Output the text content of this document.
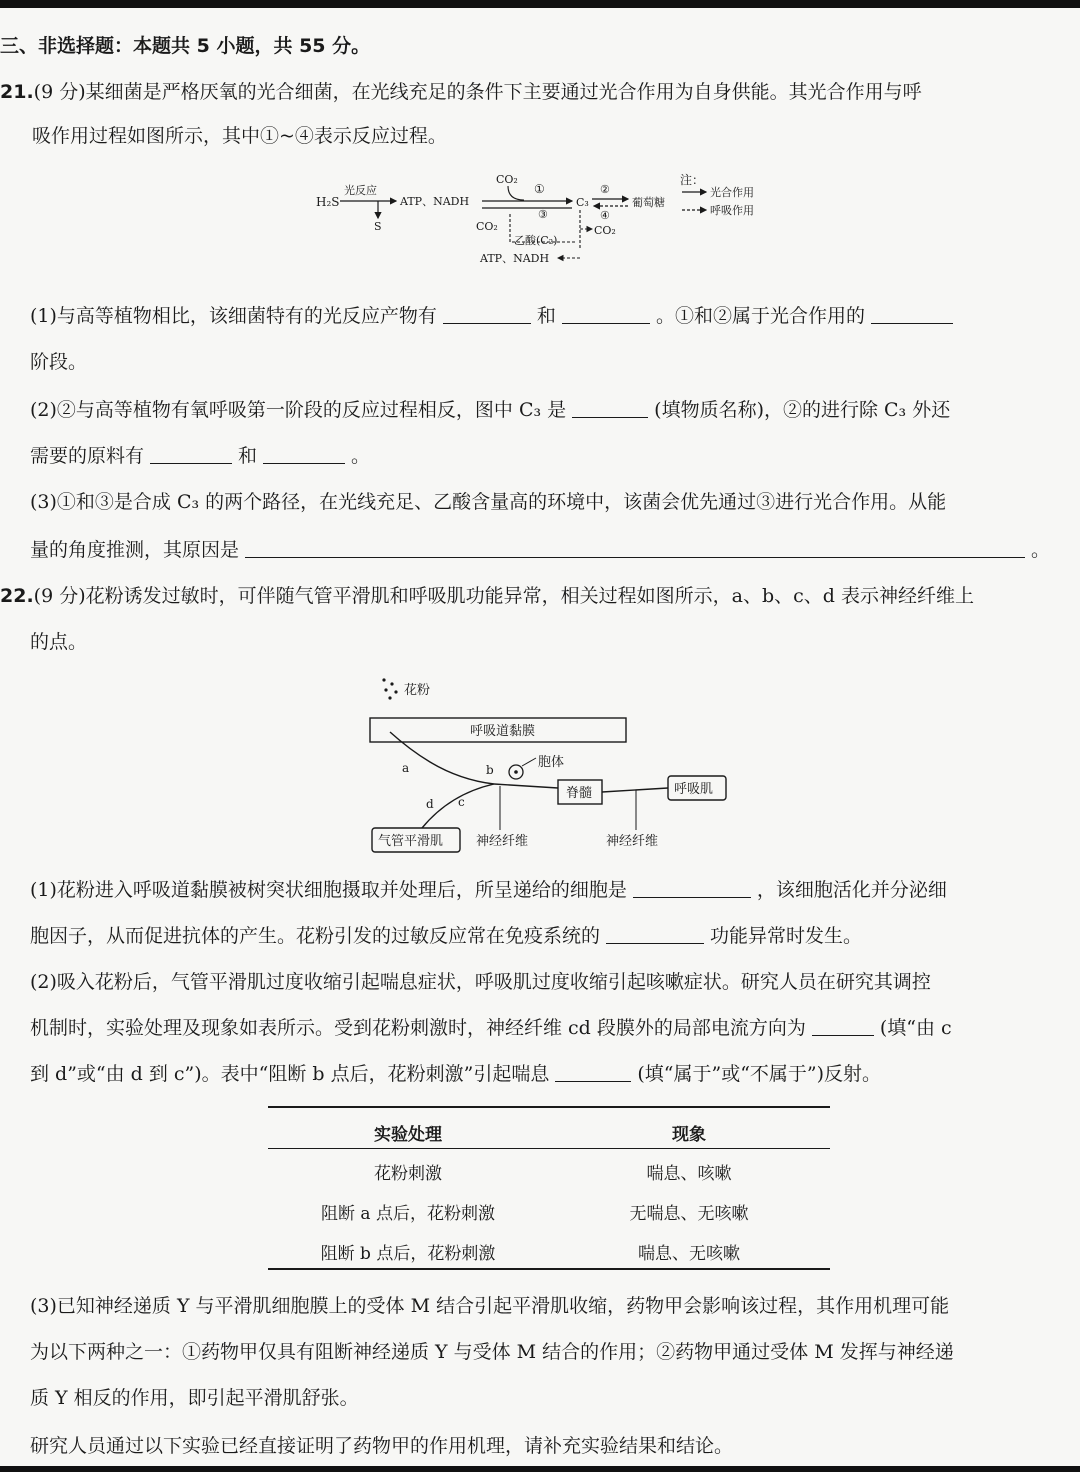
三、非选择题：本题共 5 小题，共 55 分。
21.(9 分)某细菌是严格厌氧的光合细菌，在光线充足的条件下主要通过光合作用为自身供能。其光合作用与呼
吸作用过程如图所示，其中①~④表示反应过程。
H₂S
光反应
S
ATP、NADH
CO₂
①
③
C₃
②
④
葡萄糖
CO₂
CO₂
乙酸(C₂)
ATP、NADH
注：
光合作用
呼吸作用
(1)与高等植物相比，该细菌特有的光反应产物有	和	。①和②属于光合作用的
阶段。
(2)②与高等植物有氧呼吸第一阶段的反应过程相反，图中 C₃ 是	(填物质名称)，②的进行除 C₃ 外还
需要的原料有	和	。
(3)①和③是合成 C₃ 的两个路径，在光线充足、乙酸含量高的环境中，该菌会优先通过③进行光合作用。从能
量的角度推测，其原因是	。
22.(9 分)花粉诱发过敏时，可伴随气管平滑肌和呼吸肌功能异常，相关过程如图所示，a、b、c、d 表示神经纤维上
的点。
花粉
呼吸道黏膜
a	b	胞体
脊髓	呼吸肌
d c
气管平滑肌	神经纤维	神经纤维
(1)花粉进入呼吸道黏膜被树突状细胞摄取并处理后，所呈递给的细胞是	，该细胞活化并分泌细
胞因子，从而促进抗体的产生。花粉引发的过敏反应常在免疫系统的	功能异常时发生。
(2)吸入花粉后，气管平滑肌过度收缩引起喘息症状，呼吸肌过度收缩引起咳嗽症状。研究人员在研究其调控
机制时，实验处理及现象如表所示。受到花粉刺激时，神经纤维 cd 段膜外的局部电流方向为	(填“由 c
到 d”或“由 d 到 c”)。表中“阻断 b 点后，花粉刺激”引起喘息	(填“属于”或“不属于”)反射。
实验处理	现象
花粉刺激	喘息、咳嗽
阻断 a 点后，花粉刺激	无喘息、无咳嗽
阻断 b 点后，花粉刺激	喘息、无咳嗽
(3)已知神经递质 Y 与平滑肌细胞膜上的受体 M 结合引起平滑肌收缩，药物甲会影响该过程，其作用机理可能
为以下两种之一：①药物甲仅具有阻断神经递质 Y 与受体 M 结合的作用；②药物甲通过受体 M 发挥与神经递
质 Y 相反的作用，即引起平滑肌舒张。
研究人员通过以下实验已经直接证明了药物甲的作用机理，请补充实验结果和结论。
